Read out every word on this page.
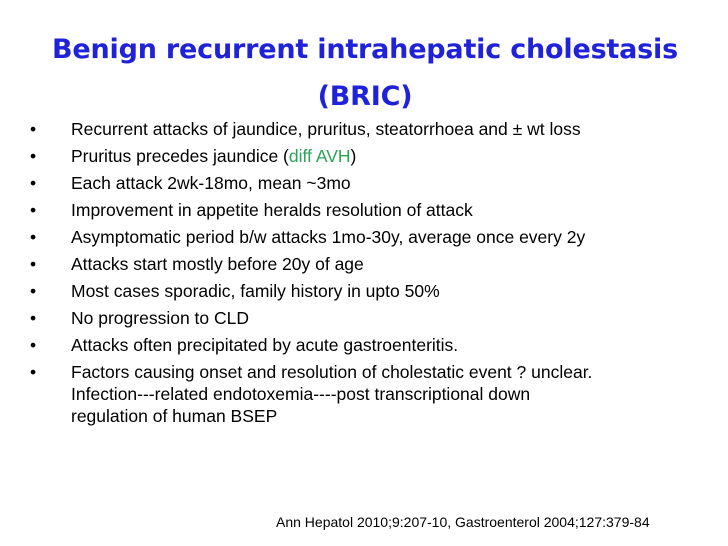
Benign recurrent intrahepatic cholestasis
(BRIC)
•	Recurrent attacks of jaundice, pruritus, steatorrhoea and ± wt loss
•	Pruritus precedes jaundice (diff AVH)
•	Each attack 2wk-18mo, mean ~3mo
•	Improvement in appetite heralds resolution of attack
•	Asymptomatic period b/w attacks 1mo-30y, average once every 2y
•	Attacks start mostly before 20y of age
•	Most cases sporadic, family history in upto 50%
•	No progression to CLD
•	Attacks often precipitated by acute gastroenteritis.
•	Factors causing onset and resolution of cholestatic event ? unclear.
Infection---related endotoxemia----post transcriptional down
regulation of human BSEP
Ann Hepatol 2010;9:207-10, Gastroenterol 2004;127:379-84
